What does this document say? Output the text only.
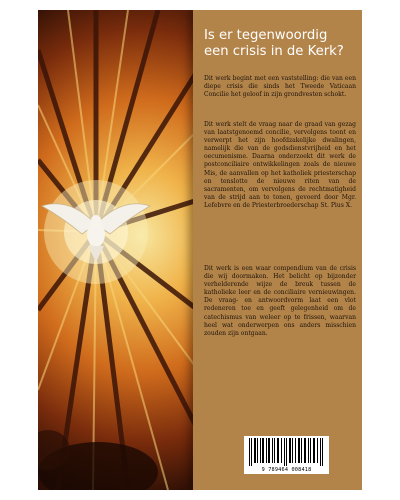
Is er tegenwoordig een crisis in de Kerk?

Dit werk begint met een vaststelling: die van een diepe crisis die sinds het Tweede Vaticaan Concilie het geloof in zijn grondvesten schokt.

Dit werk stelt de vraag naar de graad van gezag van laatstgenoemd concilie, vervolgens toont en verwerpt het zijn hoofdzakelijke dwalingen, namelijk die van de godsdienstvrijheid en het oecumenisme. Daarna onderzoekt dit werk de postconciliaire ontwikkelingen zoals de nieuwe Mis, de aanvallen op het katholiek priesterschap en tenslotte de nieuwe riten van de sacramenten, om vervolgens de rechtmatigheid van de strijd aan te tonen, gevoerd door Mgr. Lefebvre en de Priesterbroederschap St. Pius X.

Dit werk is een waar compendium van de crisis die wij doormaken. Het belicht op bijzonder verhelderende wijze de breuk tussen de katholieke leer en de conciliaire vernieuwingen. De vraag- en antwoordvorm laat een vlot redeneren toe en geeft gelegenheid om de catechismus van weleer op te frissen, waarvan heel wat onderwerpen ons anders misschien zouden zijn ontgaan.

9 789464 008418
